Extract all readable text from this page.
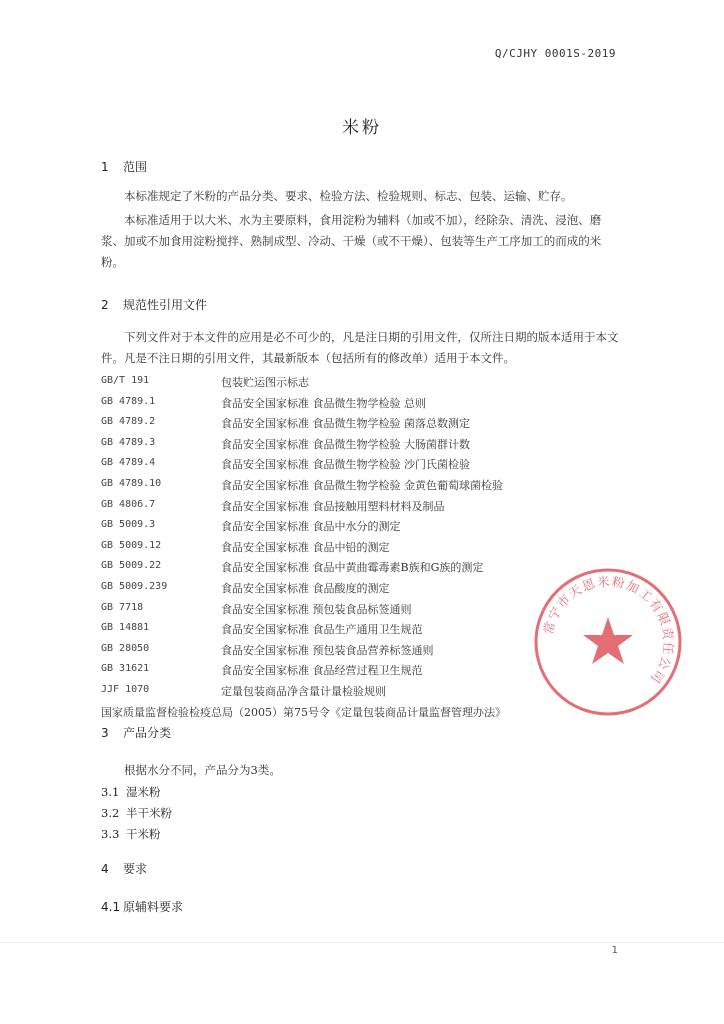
Q/CJHY 0001S-2019
米粉
1 范围
本标准规定了米粉的产品分类、要求、检验方法、检验规则、标志、包装、运输、贮存。
本标准适用于以大米、水为主要原料，食用淀粉为辅料（加或不加），经除杂、清洗、浸泡、磨浆、加或不加食用淀粉搅拌、熟制成型、冷动、干燥（或不干燥）、包装等生产工序加工的而成的米粉。
2 规范性引用文件
下列文件对于本文件的应用是必不可少的，凡是注日期的引用文件，仅所注日期的版本适用于本文件。凡是不注日期的引用文件，其最新版本（包括所有的修改单）适用于本文件。
GB/T 191	包装贮运图示标志
GB 4789.1	食品安全国家标准 食品微生物学检验 总则
GB 4789.2	食品安全国家标准 食品微生物学检验 菌落总数测定
GB 4789.3	食品安全国家标准 食品微生物学检验 大肠菌群计数
GB 4789.4	食品安全国家标准 食品微生物学检验 沙门氏菌检验
GB 4789.10	食品安全国家标准 食品微生物学检验 金黄色葡萄球菌检验
GB 4806.7	食品安全国家标准 食品接触用塑料材料及制品
GB 5009.3	食品安全国家标准 食品中水分的测定
GB 5009.12	食品安全国家标准 食品中铅的测定
GB 5009.22	食品安全国家标准 食品中黄曲霉毒素B族和G族的测定
GB 5009.239	食品安全国家标准 食品酸度的测定
GB 7718	食品安全国家标准 预包装食品标签通则
GB 14881	食品安全国家标准 食品生产通用卫生规范
GB 28050	食品安全国家标准 预包装食品营养标签通则
GB 31621	食品安全国家标准 食品经营过程卫生规范
JJF 1070	定量包装商品净含量计量检验规则
国家质量监督检验检疫总局（2005）第75号令《定量包装商品计量监督管理办法》
3 产品分类
根据水分不同，产品分为3类。
3.1 湿米粉
3.2 半干米粉
3.3 干米粉
4 要求
4.1 原辅料要求
常宁市天恩米粉加工有限责任公司
1
